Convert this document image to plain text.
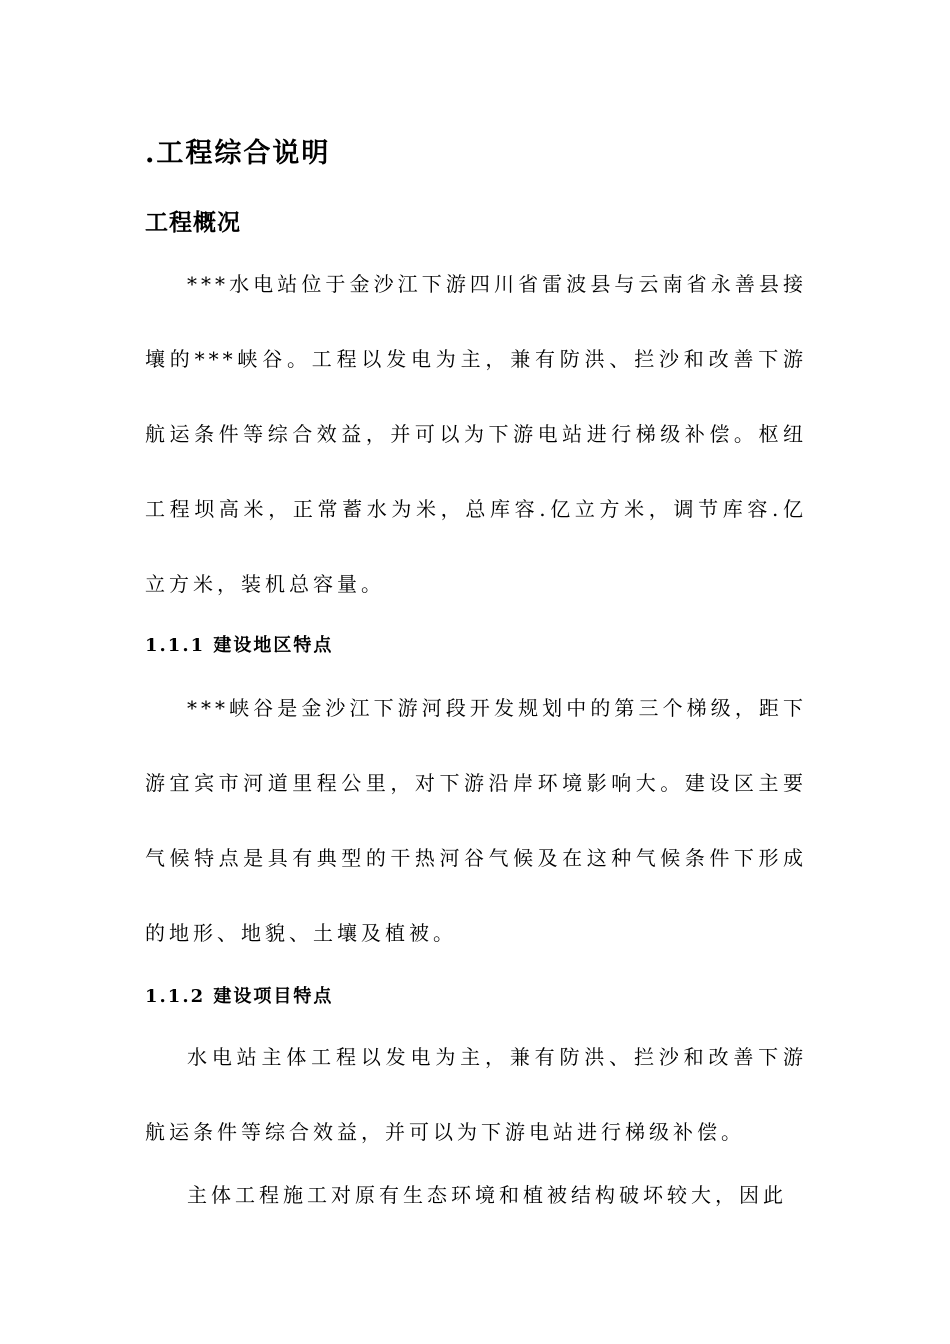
.工程综合说明
工程概况

***水电站位于金沙江下游四川省雷波县与云南省永善县接壤的***峡谷。工程以发电为主，兼有防洪、拦沙和改善下游航运条件等综合效益，并可以为下游电站进行梯级补偿。枢纽工程坝高米，正常蓄水为米，总库容.亿立方米，调节库容.亿立方米，装机总容量。

1.1.1 建设地区特点

***峡谷是金沙江下游河段开发规划中的第三个梯级，距下游宜宾市河道里程公里，对下游沿岸环境影响大。建设区主要气候特点是具有典型的干热河谷气候及在这种气候条件下形成的地形、地貌、土壤及植被。

1.1.2 建设项目特点

水电站主体工程以发电为主，兼有防洪、拦沙和改善下游航运条件等综合效益，并可以为下游电站进行梯级补偿。

主体工程施工对原有生态环境和植被结构破坏较大，因此
